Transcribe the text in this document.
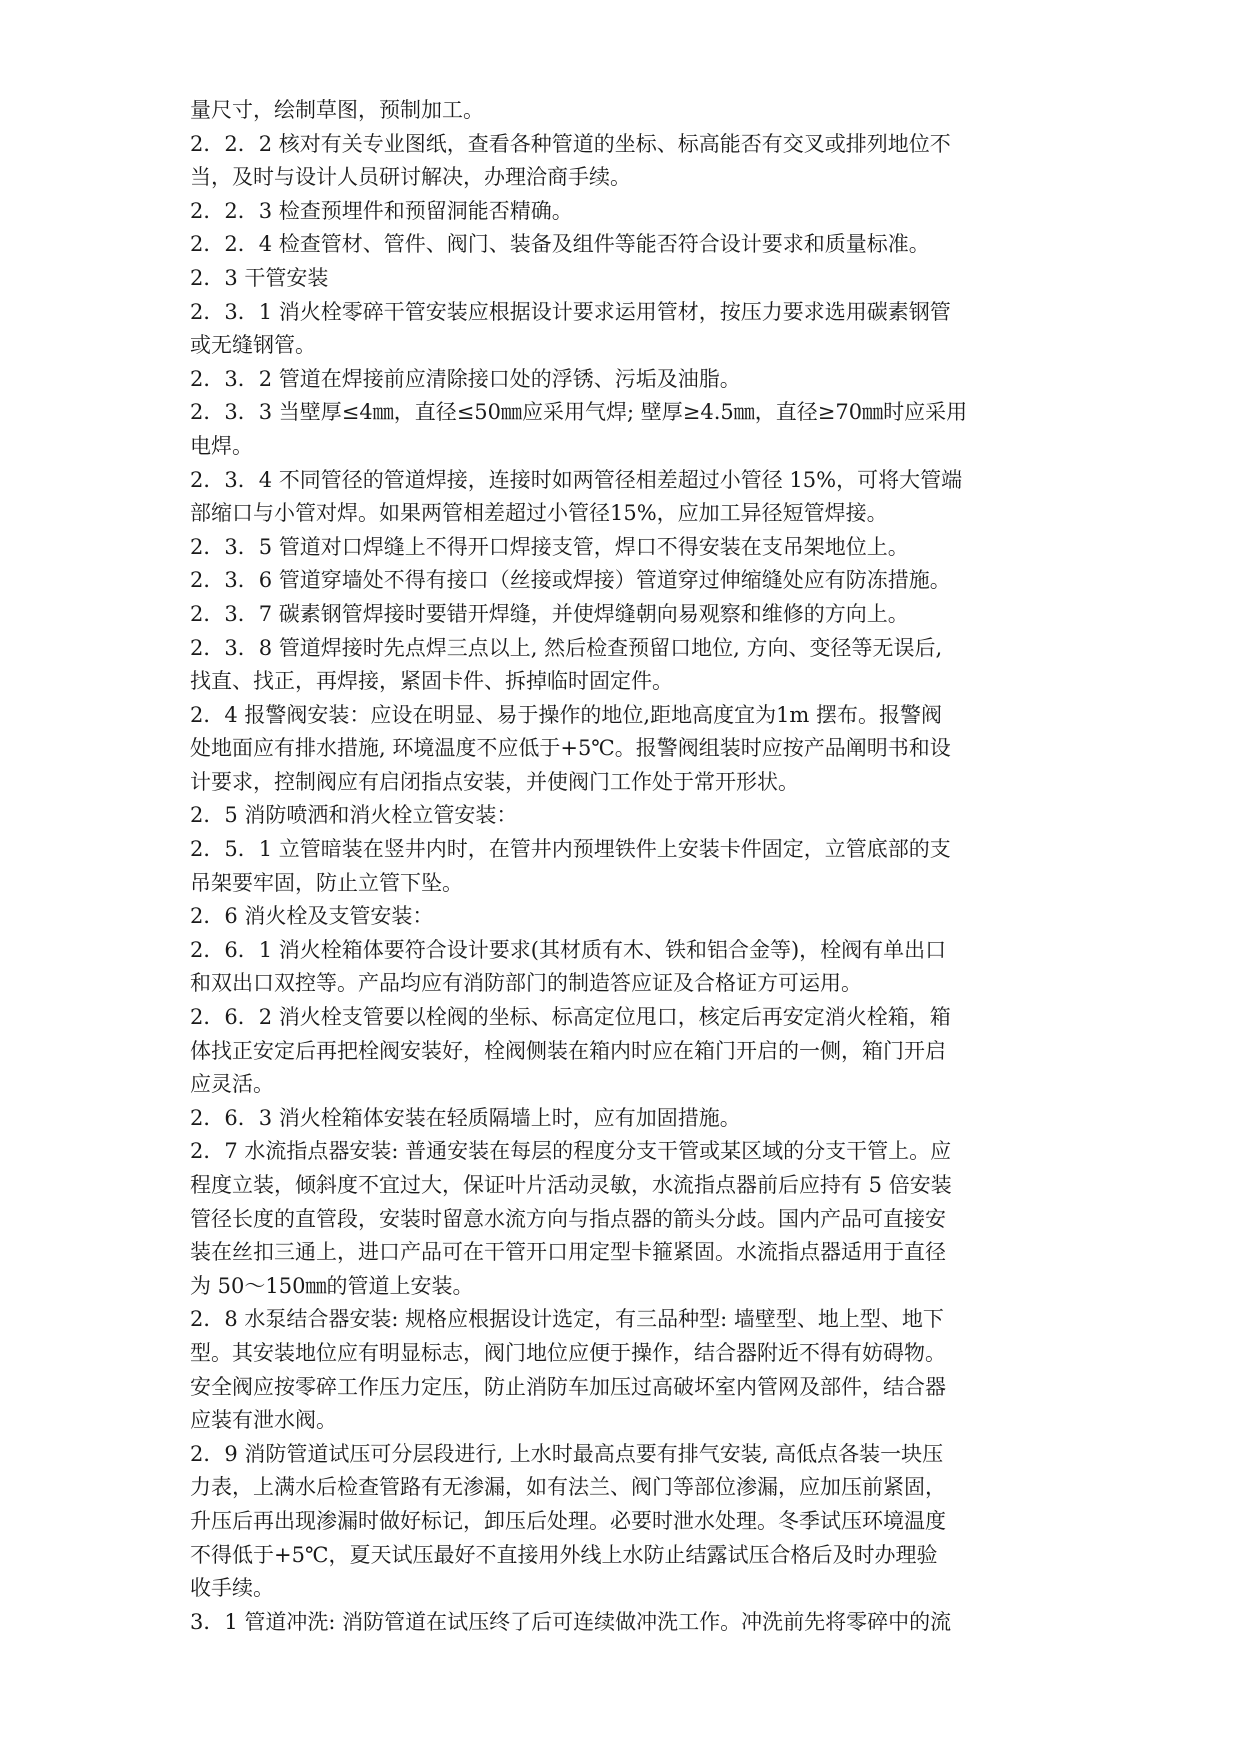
量尺寸，绘制草图，预制加工。
2．2．2 核对有关专业图纸，查看各种管道的坐标、标高能否有交叉或排列地位不
当，及时与设计人员研讨解决，办理洽商手续。
2．2．3 检查预埋件和预留洞能否精确。
2．2．4 检查管材、管件、阀门、装备及组件等能否符合设计要求和质量标准。
2．3 干管安装
2．3．1 消火栓零碎干管安装应根据设计要求运用管材，按压力要求选用碳素钢管
或无缝钢管。
2．3．2 管道在焊接前应清除接口处的浮锈、污垢及油脂。
2．3．3 当壁厚≤4㎜，直径≤50㎜应采用气焊; 壁厚≥4.5㎜，直径≥70㎜时应采用
电焊。
2．3．4 不同管径的管道焊接，连接时如两管径相差超过小管径 15%，可将大管端
部缩口与小管对焊。如果两管相差超过小管径15%，应加工异径短管焊接。
2．3．5 管道对口焊缝上不得开口焊接支管，焊口不得安装在支吊架地位上。
2．3．6 管道穿墙处不得有接口（丝接或焊接）管道穿过伸缩缝处应有防冻措施。
2．3．7 碳素钢管焊接时要错开焊缝，并使焊缝朝向易观察和维修的方向上。
2．3．8 管道焊接时先点焊三点以上, 然后检查预留口地位, 方向、变径等无误后,
找直、找正，再焊接，紧固卡件、拆掉临时固定件。
2．4 报警阀安装：应设在明显、易于操作的地位,距地高度宜为1m 摆布。报警阀
处地面应有排水措施, 环境温度不应低于+5℃。报警阀组装时应按产品阐明书和设
计要求，控制阀应有启闭指点安装，并使阀门工作处于常开形状。
2．5 消防喷洒和消火栓立管安装：
2．5．1 立管暗装在竖井内时，在管井内预埋铁件上安装卡件固定，立管底部的支
吊架要牢固，防止立管下坠。
2．6 消火栓及支管安装：
2．6．1 消火栓箱体要符合设计要求(其材质有木、铁和铝合金等)，栓阀有单出口
和双出口双控等。产品均应有消防部门的制造答应证及合格证方可运用。
2．6．2 消火栓支管要以栓阀的坐标、标高定位甩口，核定后再安定消火栓箱，箱
体找正安定后再把栓阀安装好，栓阀侧装在箱内时应在箱门开启的一侧，箱门开启
应灵活。
2．6．3 消火栓箱体安装在轻质隔墙上时，应有加固措施。
2．7 水流指点器安装: 普通安装在每层的程度分支干管或某区域的分支干管上。应
程度立装，倾斜度不宜过大，保证叶片活动灵敏，水流指点器前后应持有 5 倍安装
管径长度的直管段，安装时留意水流方向与指点器的箭头分歧。国内产品可直接安
装在丝扣三通上，进口产品可在干管开口用定型卡箍紧固。水流指点器适用于直径
为 50～150㎜的管道上安装。
2．8 水泵结合器安装: 规格应根据设计选定，有三品种型: 墙壁型、地上型、地下
型。其安装地位应有明显标志，阀门地位应便于操作，结合器附近不得有妨碍物。
安全阀应按零碎工作压力定压，防止消防车加压过高破坏室内管网及部件，结合器
应装有泄水阀。
2．9 消防管道试压可分层段进行, 上水时最高点要有排气安装, 高低点各装一块压
力表，上满水后检查管路有无渗漏，如有法兰、阀门等部位渗漏，应加压前紧固，
升压后再出现渗漏时做好标记，卸压后处理。必要时泄水处理。冬季试压环境温度
不得低于+5℃，夏天试压最好不直接用外线上水防止结露试压合格后及时办理验
收手续。
3．1 管道冲洗: 消防管道在试压终了后可连续做冲洗工作。冲洗前先将零碎中的流
